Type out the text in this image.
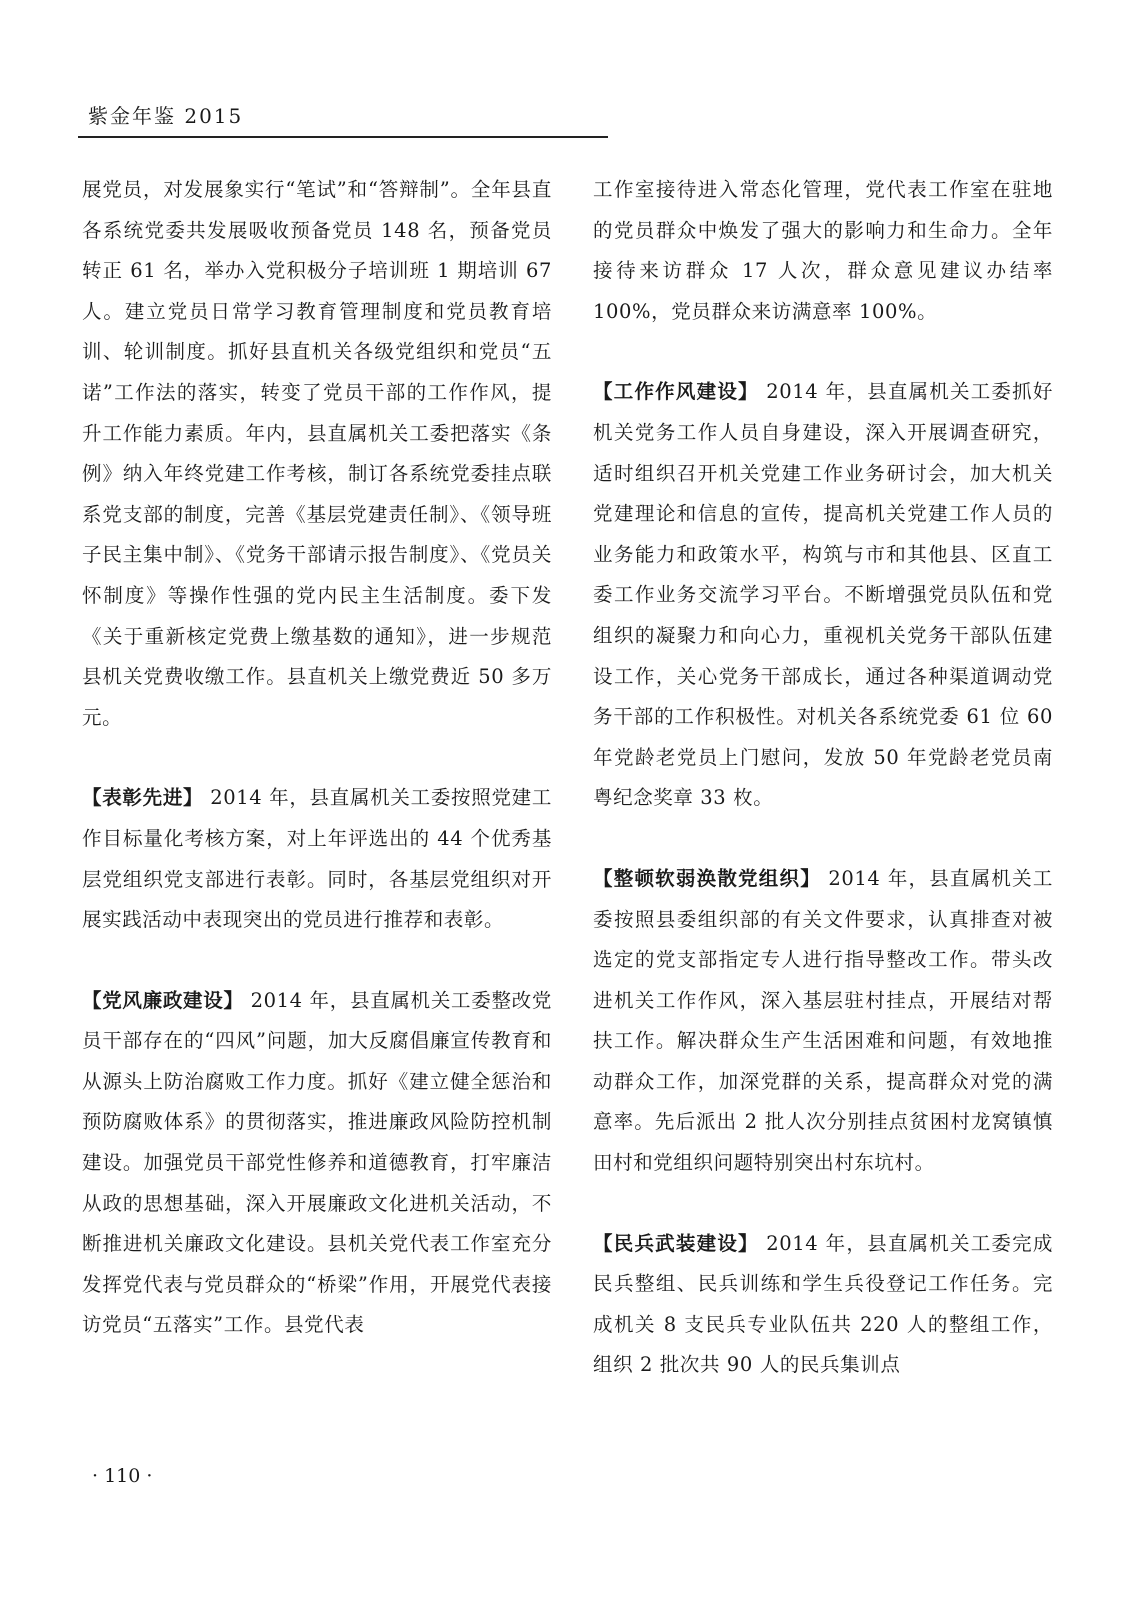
紫金年鉴 2015

展党员，对发展象实行“笔试”和“答辩制”。全年县直各系统党委共发展吸收预备党员 148 名，预备党员转正 61 名，举办入党积极分子培训班 1 期培训 67 人。建立党员日常学习教育管理制度和党员教育培训、轮训制度。抓好县直机关各级党组织和党员“五诺”工作法的落实，转变了党员干部的工作作风，提升工作能力素质。年内，县直属机关工委把落实《条例》纳入年终党建工作考核，制订各系统党委挂点联系党支部的制度，完善《基层党建责任制》、《领导班子民主集中制》、《党务干部请示报告制度》、《党员关怀制度》等操作性强的党内民主生活制度。委下发《关于重新核定党费上缴基数的通知》，进一步规范县机关党费收缴工作。县直机关上缴党费近 50 多万元。

【表彰先进】 2014 年，县直属机关工委按照党建工作目标量化考核方案，对上年评选出的 44 个优秀基层党组织党支部进行表彰。同时，各基层党组织对开展实践活动中表现突出的党员进行推荐和表彰。

【党风廉政建设】 2014 年，县直属机关工委整改党员干部存在的“四风”问题，加大反腐倡廉宣传教育和从源头上防治腐败工作力度。抓好《建立健全惩治和预防腐败体系》的贯彻落实，推进廉政风险防控机制建设。加强党员干部党性修养和道德教育，打牢廉洁从政的思想基础，深入开展廉政文化进机关活动，不断推进机关廉政文化建设。县机关党代表工作室充分发挥党代表与党员群众的“桥梁”作用，开展党代表接访党员“五落实”工作。县党代表

工作室接待进入常态化管理，党代表工作室在驻地的党员群众中焕发了强大的影响力和生命力。全年接待来访群众 17 人次，群众意见建议办结率 100%，党员群众来访满意率 100%。

【工作作风建设】 2014 年，县直属机关工委抓好机关党务工作人员自身建设，深入开展调查研究，适时组织召开机关党建工作业务研讨会，加大机关党建理论和信息的宣传，提高机关党建工作人员的业务能力和政策水平，构筑与市和其他县、区直工委工作业务交流学习平台。不断增强党员队伍和党组织的凝聚力和向心力，重视机关党务干部队伍建设工作，关心党务干部成长，通过各种渠道调动党务干部的工作积极性。对机关各系统党委 61 位 60 年党龄老党员上门慰问，发放 50 年党龄老党员南粤纪念奖章 33 枚。

【整顿软弱涣散党组织】 2014 年，县直属机关工委按照县委组织部的有关文件要求，认真排查对被选定的党支部指定专人进行指导整改工作。带头改进机关工作作风，深入基层驻村挂点，开展结对帮扶工作。解决群众生产生活困难和问题，有效地推动群众工作，加深党群的关系，提高群众对党的满意率。先后派出 2 批人次分别挂点贫困村龙窝镇慎田村和党组织问题特别突出村东坑村。

【民兵武装建设】 2014 年，县直属机关工委完成民兵整组、民兵训练和学生兵役登记工作任务。完成机关 8 支民兵专业队伍共 220 人的整组工作，组织 2 批次共 90 人的民兵集训点

· 110 ·
